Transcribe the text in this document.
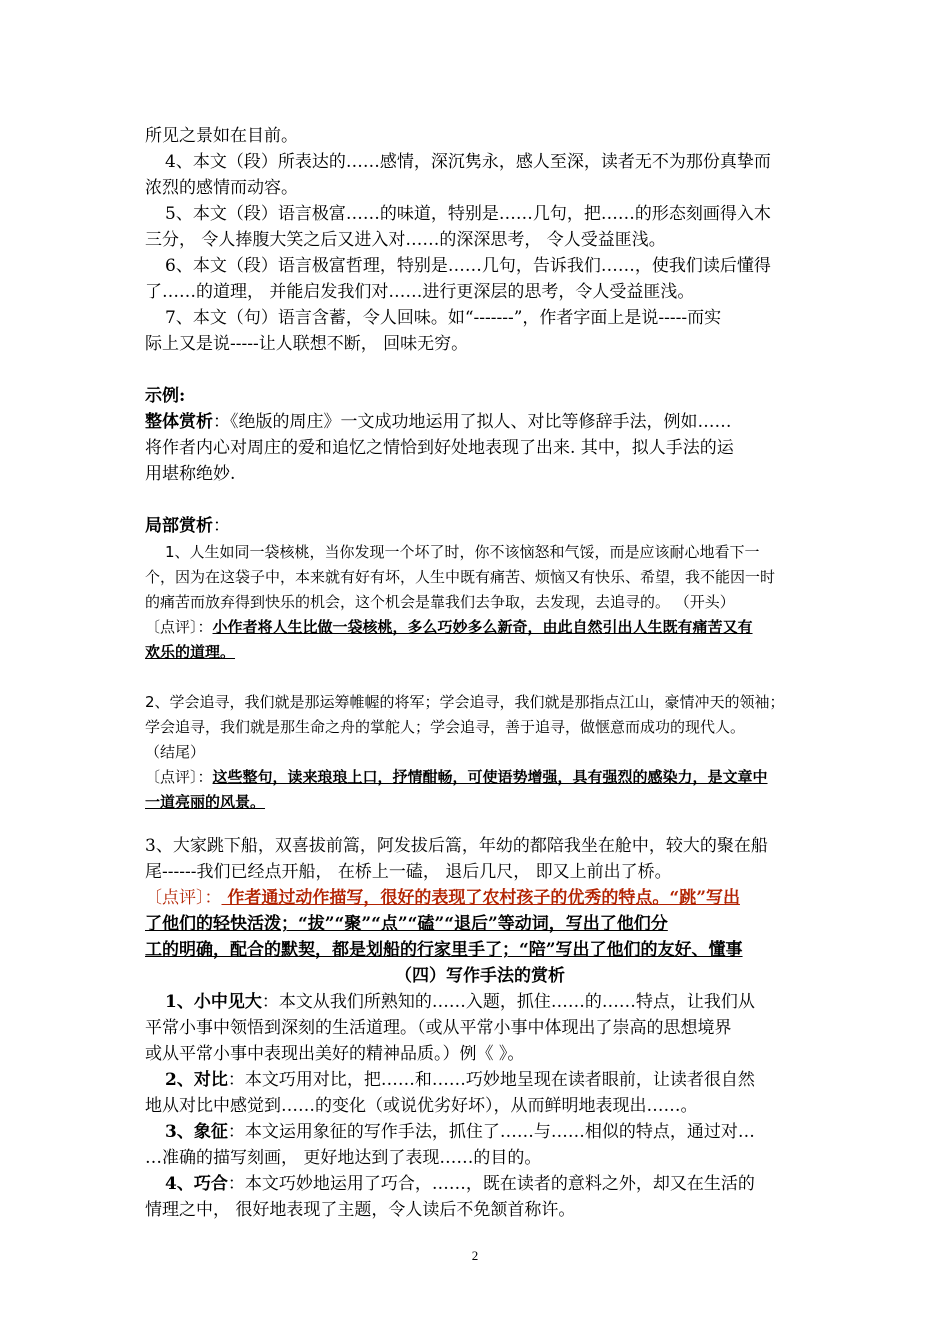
所见之景如在目前。
4、本文（段）所表达的……感情，深沉隽永，感人至深，读者无不为那份真挚而
浓烈的感情而动容。
5、本文（段）语言极富……的味道，特别是……几句，把……的形态刻画得入木
三分， 令人捧腹大笑之后又进入对……的深深思考， 令人受益匪浅。
6、本文（段）语言极富哲理，特别是……几句，告诉我们……，使我们读后懂得
了……的道理， 并能启发我们对……进行更深层的思考，令人受益匪浅。
7、本文（句）语言含蓄，令人回味。如“-------”，作者字面上是说-----而实
际上又是说-----让人联想不断， 回味无穷。
示例:
整体赏析：《绝版的周庄》一文成功地运用了拟人、对比等修辞手法，例如……
将作者内心对周庄的爱和追忆之情恰到好处地表现了出来. 其中，拟人手法的运
用堪称绝妙.
局部赏析：
1、人生如同一袋核桃，当你发现一个坏了时，你不该恼怒和气馁，而是应该耐心地看下一
个，因为在这袋子中，本来就有好有坏，人生中既有痛苦、烦恼又有快乐、希望，我不能因一时
的痛苦而放弃得到快乐的机会，这个机会是靠我们去争取，去发现，去追寻的。 （开头）
〔点评〕：小作者将人生比做一袋核桃，多么巧妙多么新奇，由此自然引出人生既有痛苦又有
欢乐的道理。
2、学会追寻，我们就是那运筹帷幄的将军；学会追寻，我们就是那指点江山，豪情冲天的领袖；
学会追寻，我们就是那生命之舟的掌舵人；学会追寻，善于追寻，做惬意而成功的现代人。
（结尾）
〔点评〕：这些整句，读来琅琅上口，抒情酣畅，可使语势增强，具有强烈的感染力，是文章中
一道亮丽的风景。
3、大家跳下船，双喜拔前篙，阿发拔后篙，年幼的都陪我坐在舱中，较大的聚在船
尾------我们已经点开船， 在桥上一磕， 退后几尺， 即又上前出了桥。
〔点评〕： 作者通过动作描写，很好的表现了农村孩子的优秀的特点。“跳”写出
了他们的轻快活泼；“拔”“聚”“点”“磕”“退后”等动词，写出了他们分
工的明确，配合的默契，都是划船的行家里手了；“陪”写出了他们的友好、懂事
（四）写作手法的赏析
1、小中见大：本文从我们所熟知的……入题，抓住……的……特点，让我们从
平常小事中领悟到深刻的生活道理。（或从平常小事中体现出了崇高的思想境界
或从平常小事中表现出美好的精神品质。）例《 》。
2、对比：本文巧用对比，把……和……巧妙地呈现在读者眼前，让读者很自然
地从对比中感觉到……的变化（或说优劣好坏），从而鲜明地表现出……。
3、象征：本文运用象征的写作手法，抓住了……与……相似的特点，通过对…
…准确的描写刻画， 更好地达到了表现……的目的。
4、巧合：本文巧妙地运用了巧合，……，既在读者的意料之外，却又在生活的
情理之中， 很好地表现了主题，令人读后不免颔首称许。
2
